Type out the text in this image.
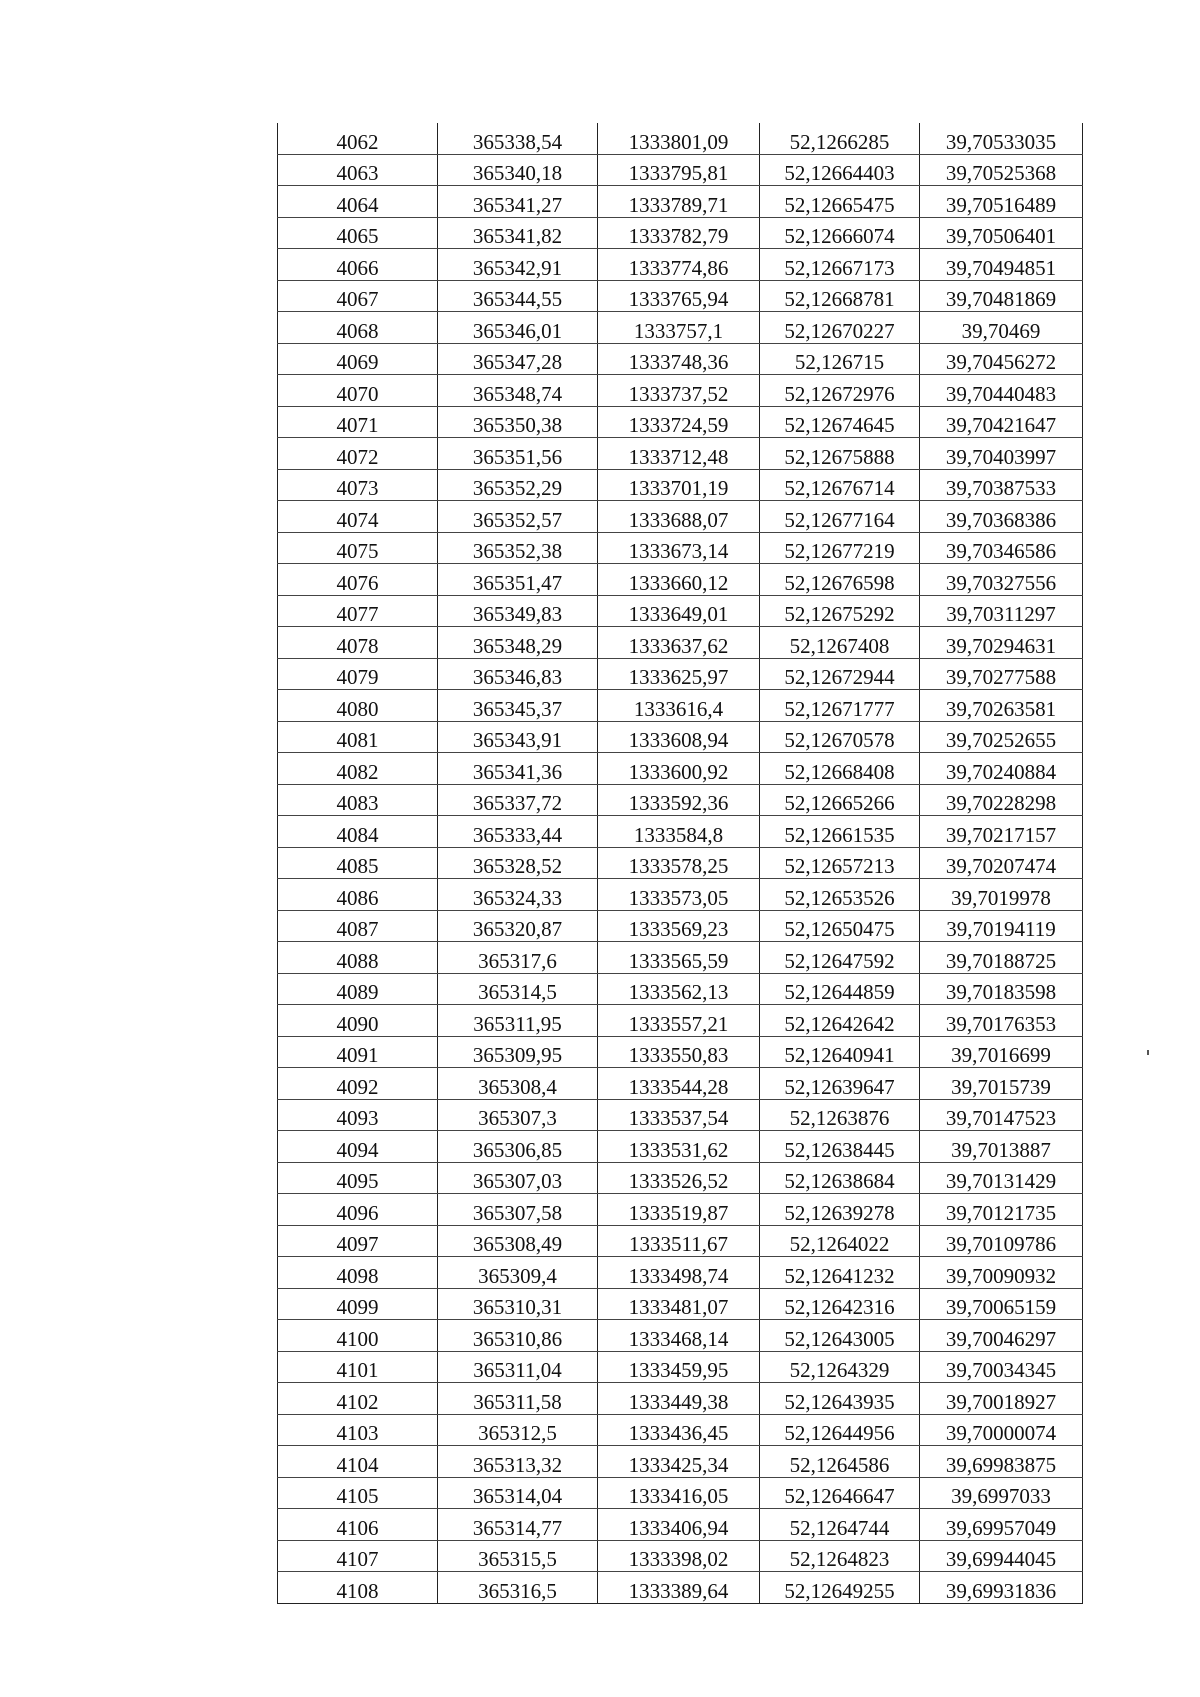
4062	365338,54	1333801,09	52,1266285	39,70533035
4063	365340,18	1333795,81	52,12664403	39,70525368
4064	365341,27	1333789,71	52,12665475	39,70516489
4065	365341,82	1333782,79	52,12666074	39,70506401
4066	365342,91	1333774,86	52,12667173	39,70494851
4067	365344,55	1333765,94	52,12668781	39,70481869
4068	365346,01	1333757,1	52,12670227	39,70469
4069	365347,28	1333748,36	52,126715	39,70456272
4070	365348,74	1333737,52	52,12672976	39,70440483
4071	365350,38	1333724,59	52,12674645	39,70421647
4072	365351,56	1333712,48	52,12675888	39,70403997
4073	365352,29	1333701,19	52,12676714	39,70387533
4074	365352,57	1333688,07	52,12677164	39,70368386
4075	365352,38	1333673,14	52,12677219	39,70346586
4076	365351,47	1333660,12	52,12676598	39,70327556
4077	365349,83	1333649,01	52,12675292	39,70311297
4078	365348,29	1333637,62	52,1267408	39,70294631
4079	365346,83	1333625,97	52,12672944	39,70277588
4080	365345,37	1333616,4	52,12671777	39,70263581
4081	365343,91	1333608,94	52,12670578	39,70252655
4082	365341,36	1333600,92	52,12668408	39,70240884
4083	365337,72	1333592,36	52,12665266	39,70228298
4084	365333,44	1333584,8	52,12661535	39,70217157
4085	365328,52	1333578,25	52,12657213	39,70207474
4086	365324,33	1333573,05	52,12653526	39,7019978
4087	365320,87	1333569,23	52,12650475	39,70194119
4088	365317,6	1333565,59	52,12647592	39,70188725
4089	365314,5	1333562,13	52,12644859	39,70183598
4090	365311,95	1333557,21	52,12642642	39,70176353
4091	365309,95	1333550,83	52,12640941	39,7016699
4092	365308,4	1333544,28	52,12639647	39,7015739
4093	365307,3	1333537,54	52,1263876	39,70147523
4094	365306,85	1333531,62	52,12638445	39,7013887
4095	365307,03	1333526,52	52,12638684	39,70131429
4096	365307,58	1333519,87	52,12639278	39,70121735
4097	365308,49	1333511,67	52,1264022	39,70109786
4098	365309,4	1333498,74	52,12641232	39,70090932
4099	365310,31	1333481,07	52,12642316	39,70065159
4100	365310,86	1333468,14	52,12643005	39,70046297
4101	365311,04	1333459,95	52,1264329	39,70034345
4102	365311,58	1333449,38	52,12643935	39,70018927
4103	365312,5	1333436,45	52,12644956	39,70000074
4104	365313,32	1333425,34	52,1264586	39,69983875
4105	365314,04	1333416,05	52,12646647	39,6997033
4106	365314,77	1333406,94	52,1264744	39,69957049
4107	365315,5	1333398,02	52,1264823	39,69944045
4108	365316,5	1333389,64	52,12649255	39,69931836
